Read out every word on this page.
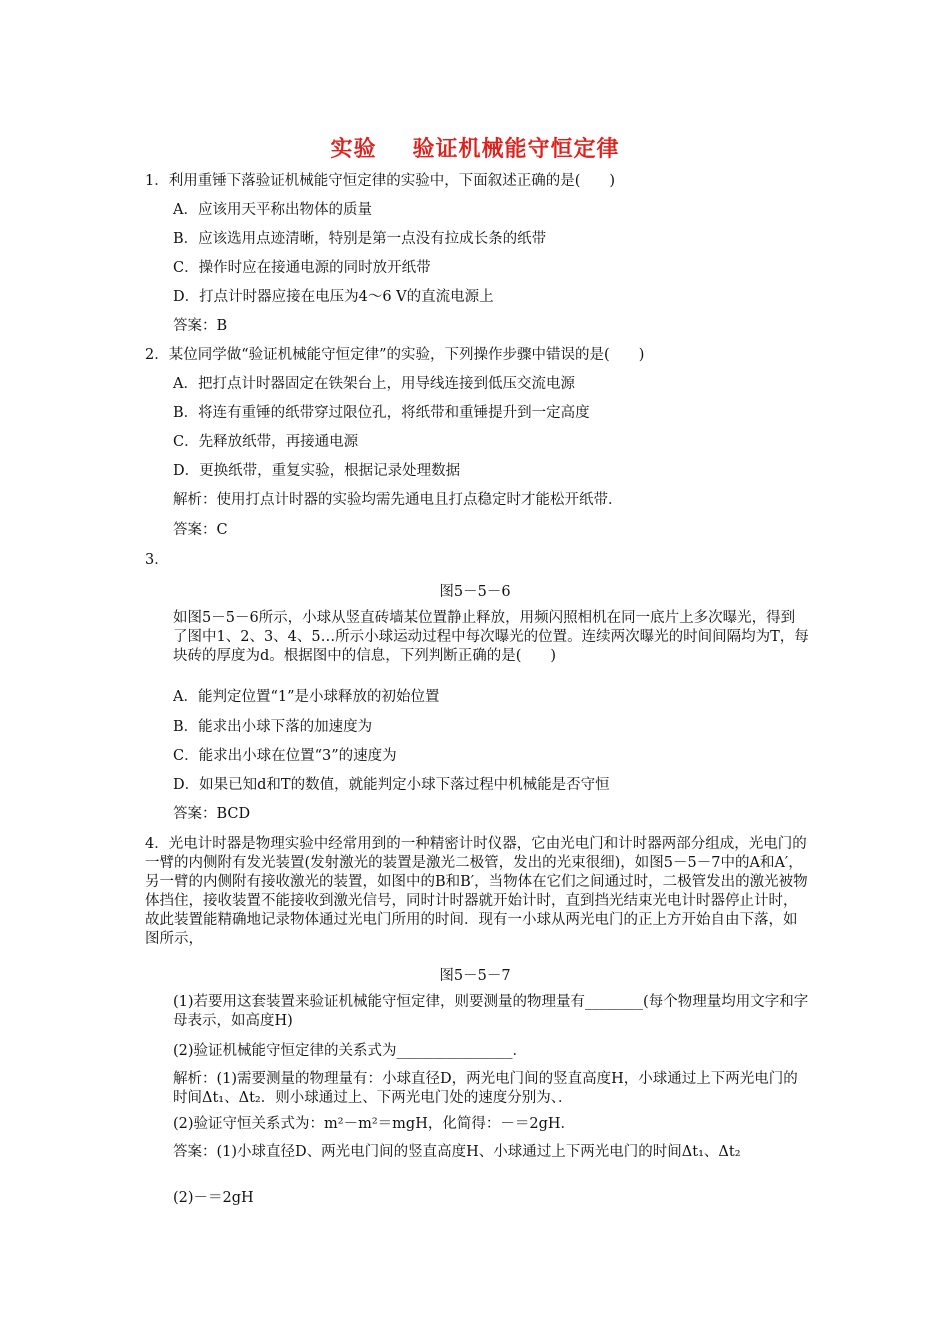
实验 验证机械能守恒定律
1．利用重锤下落验证机械能守恒定律的实验中，下面叙述正确的是(　　)
A．应该用天平称出物体的质量
B．应该选用点迹清晰，特别是第一点没有拉成长条的纸带
C．操作时应在接通电源的同时放开纸带
D．打点计时器应接在电压为4～6 V的直流电源上
答案：B
2．某位同学做“验证机械能守恒定律”的实验，下列操作步骤中错误的是(　　)
A．把打点计时器固定在铁架台上，用导线连接到低压交流电源
B．将连有重锤的纸带穿过限位孔，将纸带和重锤提升到一定高度
C．先释放纸带，再接通电源
D．更换纸带，重复实验，根据记录处理数据
解析：使用打点计时器的实验均需先通电且打点稳定时才能松开纸带．
答案：C
3．
图5－5－6
如图5－5－6所示，小球从竖直砖墙某位置静止释放，用频闪照相机在同一底片上多次曝光，得到了图中1、2、3、4、5…所示小球运动过程中每次曝光的位置。连续两次曝光的时间间隔均为T，每块砖的厚度为d。根据图中的信息，下列判断正确的是(　　)
A．能判定位置“1”是小球释放的初始位置
B．能求出小球下落的加速度为
C．能求出小球在位置“3”的速度为
D．如果已知d和T的数值，就能判定小球下落过程中机械能是否守恒
答案：BCD
4．光电计时器是物理实验中经常用到的一种精密计时仪器，它由光电门和计时器两部分组成，光电门的一臂的内侧附有发光装置(发射激光的装置是激光二极管，发出的光束很细)，如图5－5－7中的A和A′，另一臂的内侧附有接收激光的装置，如图中的B和B′，当物体在它们之间通过时，二极管发出的激光被物体挡住，接收装置不能接收到激光信号，同时计时器就开始计时，直到挡光结束光电计时器停止计时，故此装置能精确地记录物体通过光电门所用的时间．现有一小球从两光电门的正上方开始自由下落，如图所示，
图5－5－7
(1)若要用这套装置来验证机械能守恒定律，则要测量的物理量有________(每个物理量均用文字和字母表示，如高度H)
(2)验证机械能守恒定律的关系式为________________．
解析：(1)需要测量的物理量有：小球直径D，两光电门间的竖直高度H，小球通过上下两光电门的时间Δt₁、Δt₂．则小球通过上、下两光电门处的速度分别为、．
(2)验证守恒关系式为：m²－m²＝mgH，化简得：－＝2gH．
答案：(1)小球直径D、两光电门间的竖直高度H、小球通过上下两光电门的时间Δt₁、Δt₂
(2)－＝2gH
